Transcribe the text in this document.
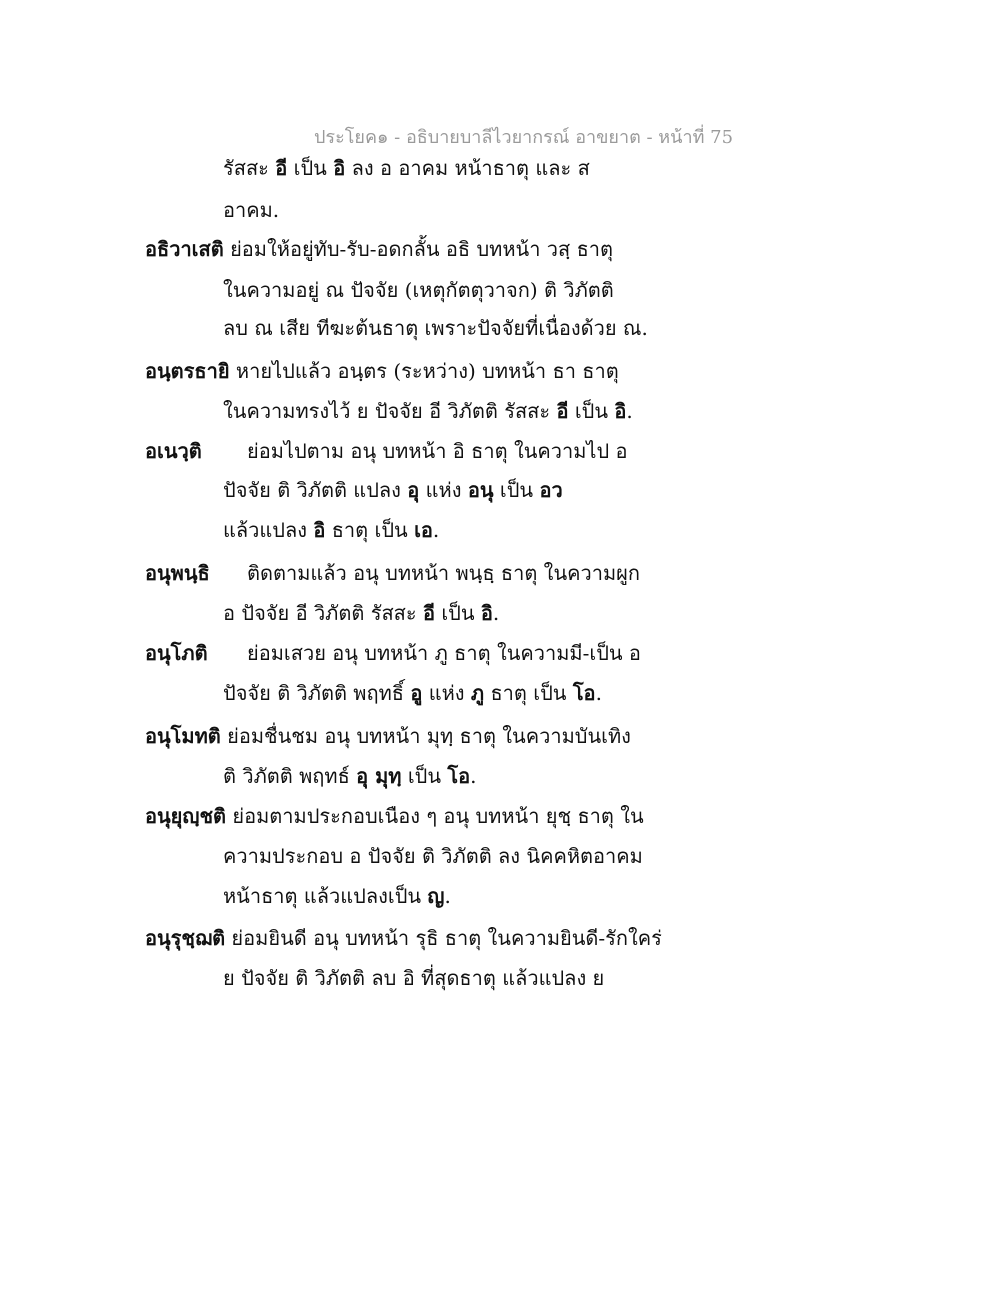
ประโยค๑ - อธิบายบาลีไวยากรณ์ อาขยาต - หน้าที่ 75
รัสสะ อี เป็น อิ ลง อ อาคม หน้าธาตุ และ ส
อาคม.
อธิวาเสติ ย่อมให้อยู่ทับ-รับ-อดกลั้น อธิ บทหน้า วสฺ ธาตุ
ในความอยู่ ณ ปัจจัย (เหตุกัตตุวาจก) ติ วิภัตติ
ลบ ณ เสีย ทีฆะต้นธาตุ เพราะปัจจัยที่เนื่องด้วย ณ.
อนฺตรธายิ หายไปแล้ว อนฺตร (ระหว่าง) บทหน้า ธา ธาตุ
ในความทรงไว้ ย ปัจจัย อี วิภัตติ รัสสะ อี เป็น อิ.
อเนวฺติ ย่อมไปตาม อนุ บทหน้า อิ ธาตุ ในความไป อ
ปัจจัย ติ วิภัตติ แปลง อุ แห่ง อนุ เป็น อว
แล้วแปลง อิ ธาตุ เป็น เอ.
อนุพนฺธิ ติดตามแล้ว อนุ บทหน้า พนฺธฺ ธาตุ ในความผูก
อ ปัจจัย อี วิภัตติ รัสสะ อี เป็น อิ.
อนุโภติ ย่อมเสวย อนุ บทหน้า ภู ธาตุ ในความมี-เป็น อ
ปัจจัย ติ วิภัตติ พฤทธิ์ อู แห่ง ภู ธาตุ เป็น โอ.
อนุโมทติ ย่อมชื่นชม อนุ บทหน้า มุทฺ ธาตุ ในความบันเทิง
ติ วิภัตติ พฤทธ์ อุ มุทฺ เป็น โอ.
อนุยุญฺชติ ย่อมตามประกอบเนือง ๆ อนุ บทหน้า ยุชฺ ธาตุ ใน
ความประกอบ อ ปัจจัย ติ วิภัตติ ลง นิคคหิตอาคม
หน้าธาตุ แล้วแปลงเป็น ญ.
อนุรุชฺฌติ ย่อมยินดี อนุ บทหน้า รุธิ ธาตุ ในความยินดี-รักใคร่
ย ปัจจัย ติ วิภัตติ ลบ อิ ที่สุดธาตุ แล้วแปลง ย
